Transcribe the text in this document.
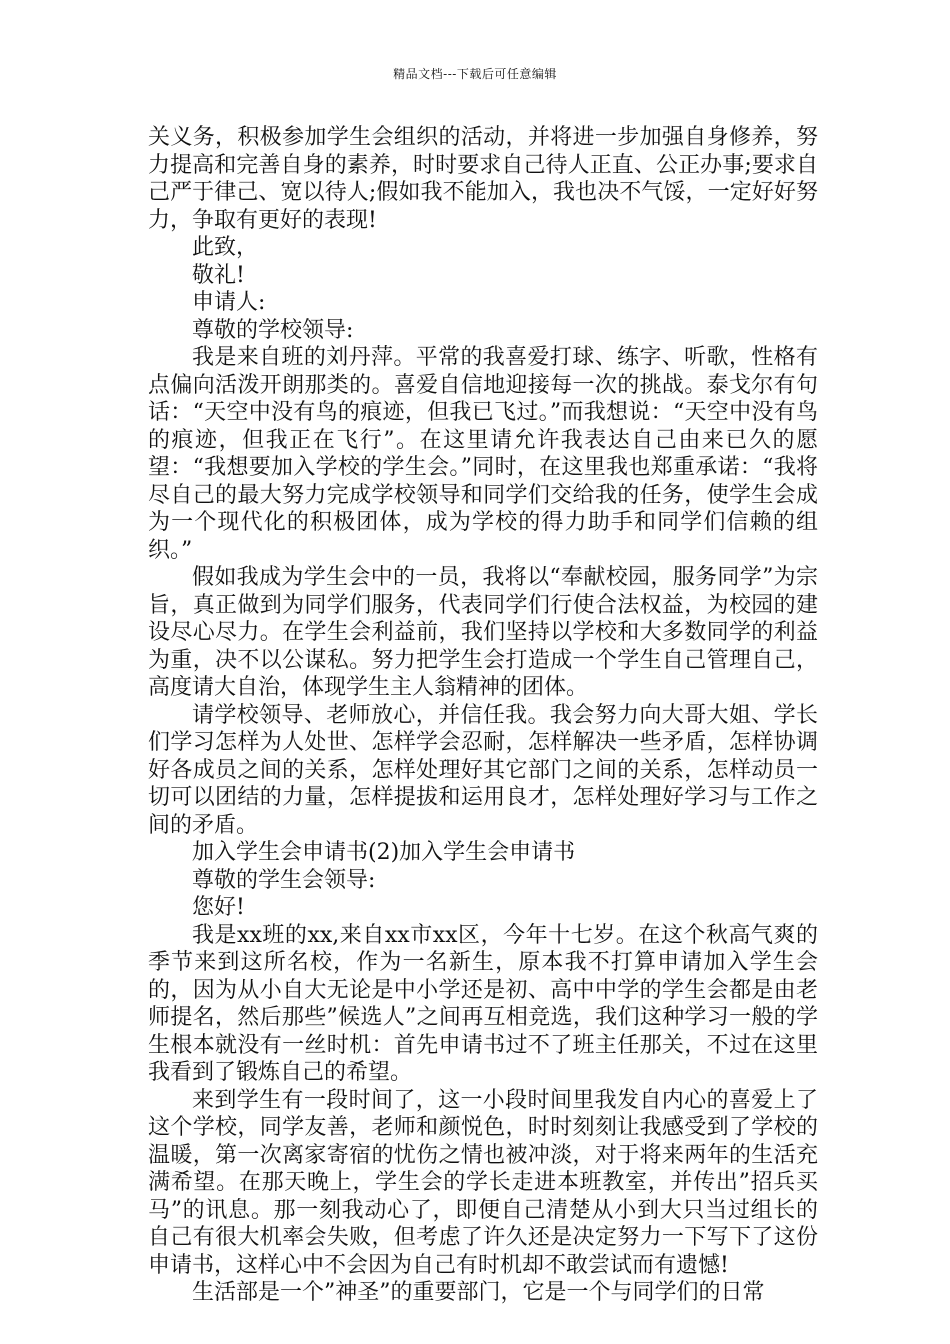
精品文档---下载后可任意编辑

关义务，积极参加学生会组织的活动，并将进一步加强自身修养，努力提高和完善自身的素养，时时要求自己待人正直、公正办事;要求自己严于律己、宽以待人;假如我不能加入，我也决不气馁，一定好好努力，争取有更好的表现!

此致，

敬礼!

申请人:

尊敬的学校领导:

我是来自班的刘丹萍。平常的我喜爱打球、练字、听歌，性格有点偏向活泼开朗那类的。喜爱自信地迎接每一次的挑战。泰戈尔有句话：“天空中没有鸟的痕迹，但我已飞过。”而我想说：“天空中没有鸟的痕迹，但我正在飞行”。在这里请允许我表达自己由来已久的愿望：“我想要加入学校的学生会。”同时，在这里我也郑重承诺：“我将尽自己的最大努力完成学校领导和同学们交给我的任务，使学生会成为一个现代化的积极团体，成为学校的得力助手和同学们信赖的组织。”

假如我成为学生会中的一员，我将以“奉献校园，服务同学”为宗旨，真正做到为同学们服务，代表同学们行使合法权益，为校园的建设尽心尽力。在学生会利益前，我们坚持以学校和大多数同学的利益为重，决不以公谋私。努力把学生会打造成一个学生自己管理自己，高度请大自治，体现学生主人翁精神的团体。

请学校领导、老师放心，并信任我。我会努力向大哥大姐、学长们学习怎样为人处世、怎样学会忍耐，怎样解决一些矛盾，怎样协调好各成员之间的关系，怎样处理好其它部门之间的关系，怎样动员一切可以团结的力量，怎样提拔和运用良才，怎样处理好学习与工作之间的矛盾。

加入学生会申请书(2)加入学生会申请书

尊敬的学生会领导:

您好!

我是xx班的xx,来自xx市xx区，今年十七岁。在这个秋高气爽的季节来到这所名校，作为一名新生，原本我不打算申请加入学生会的，因为从小自大无论是中小学还是初、高中中学的学生会都是由老师提名，然后那些”候选人”之间再互相竞选，我们这种学习一般的学生根本就没有一丝时机：首先申请书过不了班主任那关，不过在这里我看到了锻炼自己的希望。

来到学生有一段时间了，这一小段时间里我发自内心的喜爱上了这个学校，同学友善，老师和颜悦色，时时刻刻让我感受到了学校的温暖，第一次离家寄宿的忧伤之情也被冲淡，对于将来两年的生活充满希望。在那天晚上，学生会的学长走进本班教室，并传出”招兵买马”的讯息。那一刻我动心了，即便自己清楚从小到大只当过组长的自己有很大机率会失败，但考虑了许久还是决定努力一下写下了这份申请书，这样心中不会因为自己有时机却不敢尝试而有遗憾!

生活部是一个”神圣”的重要部门，它是一个与同学们的日常
